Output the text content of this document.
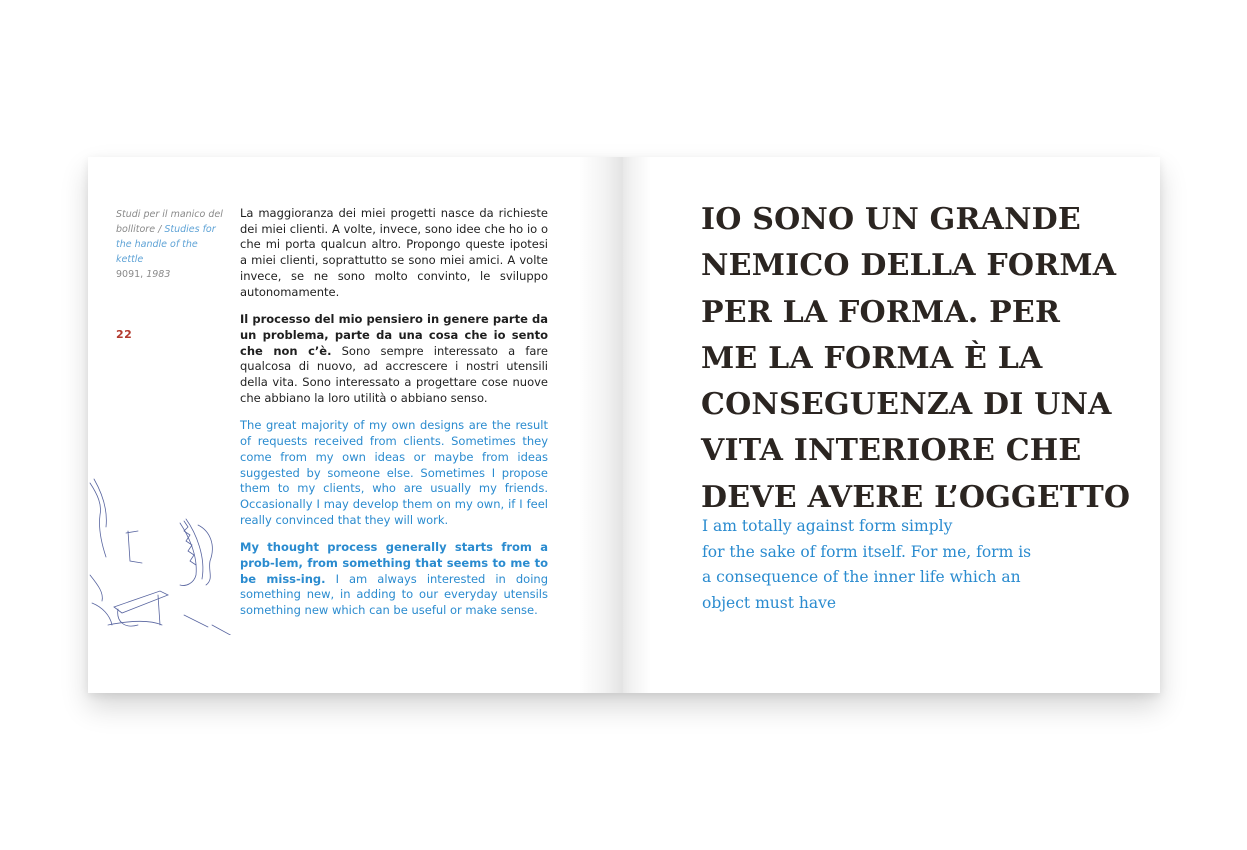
Studi per il manico del bollitore / Studies for the handle of the kettle
9091, 1983
22

La maggioranza dei miei progetti nasce da richieste dei miei clienti. A volte, invece, sono idee che ho io o che mi porta qualcun altro. Propongo queste ipotesi a miei clienti, soprattutto se sono miei amici. A volte invece, se ne sono molto convinto, le sviluppo autonomamente.

Il processo del mio pensiero in genere parte da un problema, parte da una cosa che io sento che non c’è. Sono sempre interessato a fare qualcosa di nuovo, ad accrescere i nostri utensili della vita. Sono interessato a progettare cose nuove che abbiano la loro utilità o abbiano senso.

The great majority of my own designs are the result of requests received from clients. Sometimes they come from my own ideas or maybe from ideas suggested by someone else. Sometimes I propose them to my clients, who are usually my friends. Occasionally I may develop them on my own, if I feel really convinced that they will work.

My thought process generally starts from a prob-lem, from something that seems to me to be miss-ing. I am always interested in doing something new, in adding to our everyday utensils something new which can be useful or make sense.

IO SONO UN GRANDE
NEMICO DELLA FORMA
PER LA FORMA. PER
ME LA FORMA È LA
CONSEGUENZA DI UNA
VITA INTERIORE CHE
DEVE AVERE L’OGGETTO
I am totally against form simply
for the sake of form itself. For me, form is
a consequence of the inner life which an
object must have
